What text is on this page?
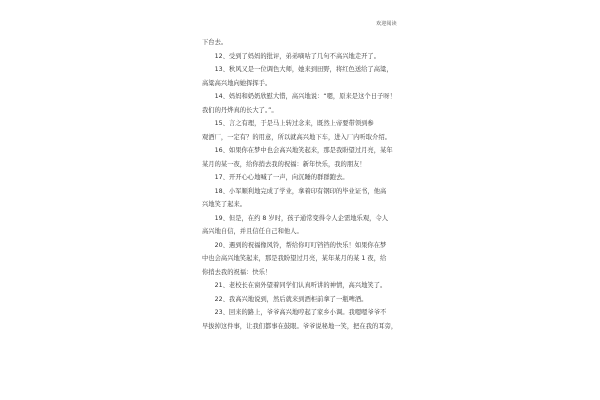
欢迎阅读

下台去。

12、受到了妈妈的批评，弟弟嘀咕了几句不高兴地走开了。

13、秋风又是一位调色大师，她来到田野，将红色送给了高粱，

高粱高兴地向她挥挥手。

14、妈妈和奶奶欣慰大惜，高兴地说：“嗯，原来是这个日子呀！

我们的丹烨真的长大了。”。

15、言之有理，于是马上转过念来，既然上帝要带领到参

观酒厂，一定有？的用意，所以就高兴地下车，进入厂内听取介绍。

16、如果你在梦中也会高兴地笑起来，那是我盼望过月亮，某年

某月的某一夜，给你捎去我的祝福：新年快乐，我的朋友！

17、开开心心地喊了一声，向沉睡的群群跑去。

18、小军顺利地完成了学业，拿着印有钢印的毕业证书，他高

兴地笑了起来。

19、但是，在约 8 岁时，孩子通常变得令人企需地乐观，令人

高兴地自信，并且信任自己和他人。

20、遇到的祝福像风铃，帮给你叮叮铛铛的快乐！如果你在梦

中也会高兴地笑起来，那是我盼望过月亮，某年某月的某 1 夜，给

你捎去我的祝福：快乐！

21、老校长在窗外望着同学们认真听讲的神情，高兴地笑了。

22、我高兴地说到，然后就来到酒柜前拿了一瓶啤酒。

23、回来的路上，爷爷高兴地哼起了家乡小调。我嗯嗯爷爷不

早拔掉这件事，让我们都事在鼓眼。爷爷说秘地一笑，把在我的耳旁，
